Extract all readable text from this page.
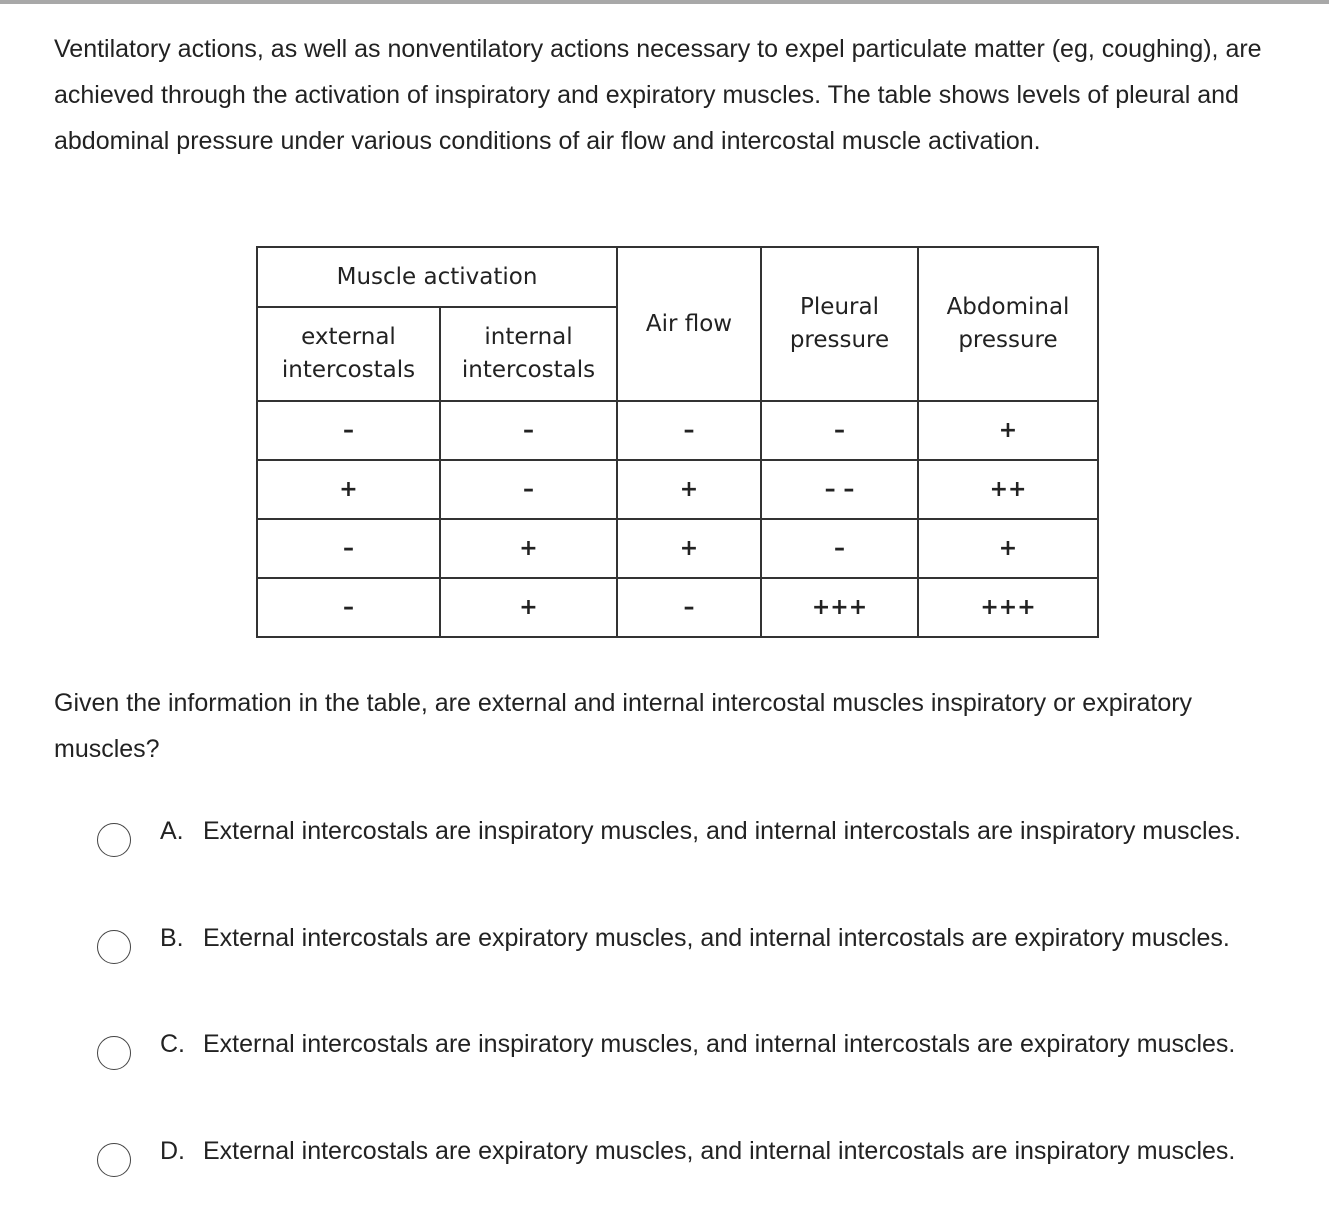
Ventilatory actions, as well as nonventilatory actions necessary to expel particulate matter (eg, coughing), are achieved through the activation of inspiratory and expiratory muscles. The table shows levels of pleural and abdominal pressure under various conditions of air flow and intercostal muscle activation.

Muscle activation		Air flow	Pleural pressure	Abdominal pressure
external intercostals	internal intercostals			
–	–	–	–	+
+	–	+	– –	++
–	+	+	–	+
–	+	–	+++	+++

Given the information in the table, are external and internal intercostal muscles inspiratory or expiratory muscles?

A. External intercostals are inspiratory muscles, and internal intercostals are inspiratory muscles.
B. External intercostals are expiratory muscles, and internal intercostals are expiratory muscles.
C. External intercostals are inspiratory muscles, and internal intercostals are expiratory muscles.
D. External intercostals are expiratory muscles, and internal intercostals are inspiratory muscles.
